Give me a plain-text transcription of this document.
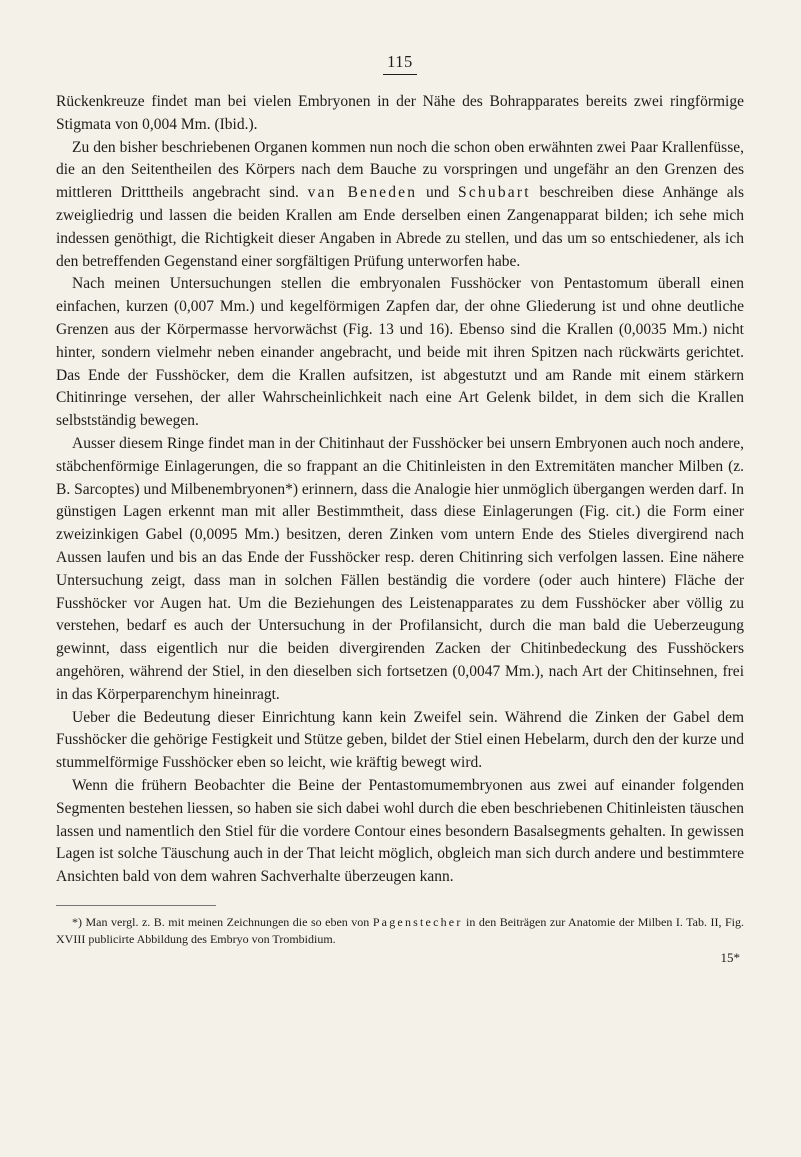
115

Rückenkreuze findet man bei vielen Embryonen in der Nähe des Bohrapparates bereits zwei ringförmige Stigmata von 0,004 Mm. (Ibid.).

Zu den bisher beschriebenen Organen kommen nun noch die schon oben erwähnten zwei Paar Krallenfüsse, die an den Seitentheilen des Körpers nach dem Bauche zu vorspringen und ungefähr an den Grenzen des mittleren Dritttheils angebracht sind. van Beneden und Schubart beschreiben diese Anhänge als zweigliedrig und lassen die beiden Krallen am Ende derselben einen Zangenapparat bilden; ich sehe mich indessen genöthigt, die Richtigkeit dieser Angaben in Abrede zu stellen, und das um so entschiedener, als ich den betreffenden Gegenstand einer sorgfältigen Prüfung unterworfen habe.

Nach meinen Untersuchungen stellen die embryonalen Fusshöcker von Pentastomum überall einen einfachen, kurzen (0,007 Mm.) und kegelförmigen Zapfen dar, der ohne Gliederung ist und ohne deutliche Grenzen aus der Körpermasse hervorwächst (Fig. 13 und 16). Ebenso sind die Krallen (0,0035 Mm.) nicht hinter, sondern vielmehr neben einander angebracht, und beide mit ihren Spitzen nach rückwärts gerichtet. Das Ende der Fusshöcker, dem die Krallen aufsitzen, ist abgestutzt und am Rande mit einem stärkern Chitinringe versehen, der aller Wahrscheinlichkeit nach eine Art Gelenk bildet, in dem sich die Krallen selbstständig bewegen.

Ausser diesem Ringe findet man in der Chitinhaut der Fusshöcker bei unsern Embryonen auch noch andere, stäbchenförmige Einlagerungen, die so frappant an die Chitinleisten in den Extremitäten mancher Milben (z. B. Sarcoptes) und Milbenembryonen*) erinnern, dass die Analogie hier unmöglich übergangen werden darf. In günstigen Lagen erkennt man mit aller Bestimmtheit, dass diese Einlagerungen (Fig. cit.) die Form einer zweizinkigen Gabel (0,0095 Mm.) besitzen, deren Zinken vom untern Ende des Stieles divergirend nach Aussen laufen und bis an das Ende der Fusshöcker resp. deren Chitinring sich verfolgen lassen. Eine nähere Untersuchung zeigt, dass man in solchen Fällen beständig die vordere (oder auch hintere) Fläche der Fusshöcker vor Augen hat. Um die Beziehungen des Leistenapparates zu dem Fusshöcker aber völlig zu verstehen, bedarf es auch der Untersuchung in der Profilansicht, durch die man bald die Ueberzeugung gewinnt, dass eigentlich nur die beiden divergirenden Zacken der Chitinbedeckung des Fusshöckers angehören, während der Stiel, in den dieselben sich fortsetzen (0,0047 Mm.), nach Art der Chitinsehnen, frei in das Körperparenchym hineinragt.

Ueber die Bedeutung dieser Einrichtung kann kein Zweifel sein. Während die Zinken der Gabel dem Fusshöcker die gehörige Festigkeit und Stütze geben, bildet der Stiel einen Hebelarm, durch den der kurze und stummelförmige Fusshöcker eben so leicht, wie kräftig bewegt wird.

Wenn die frühern Beobachter die Beine der Pentastomumembryonen aus zwei auf einander folgenden Segmenten bestehen liessen, so haben sie sich dabei wohl durch die eben beschriebenen Chitinleisten täuschen lassen und namentlich den Stiel für die vordere Contour eines besondern Basalsegments gehalten. In gewissen Lagen ist solche Täuschung auch in der That leicht möglich, obgleich man sich durch andere und bestimmtere Ansichten bald von dem wahren Sachverhalte überzeugen kann.

*) Man vergl. z. B. mit meinen Zeichnungen die so eben von Pagenstecher in den Beiträgen zur Anatomie der Milben I. Tab. II, Fig. XVIII publicirte Abbildung des Embryo von Trombidium.

15*
